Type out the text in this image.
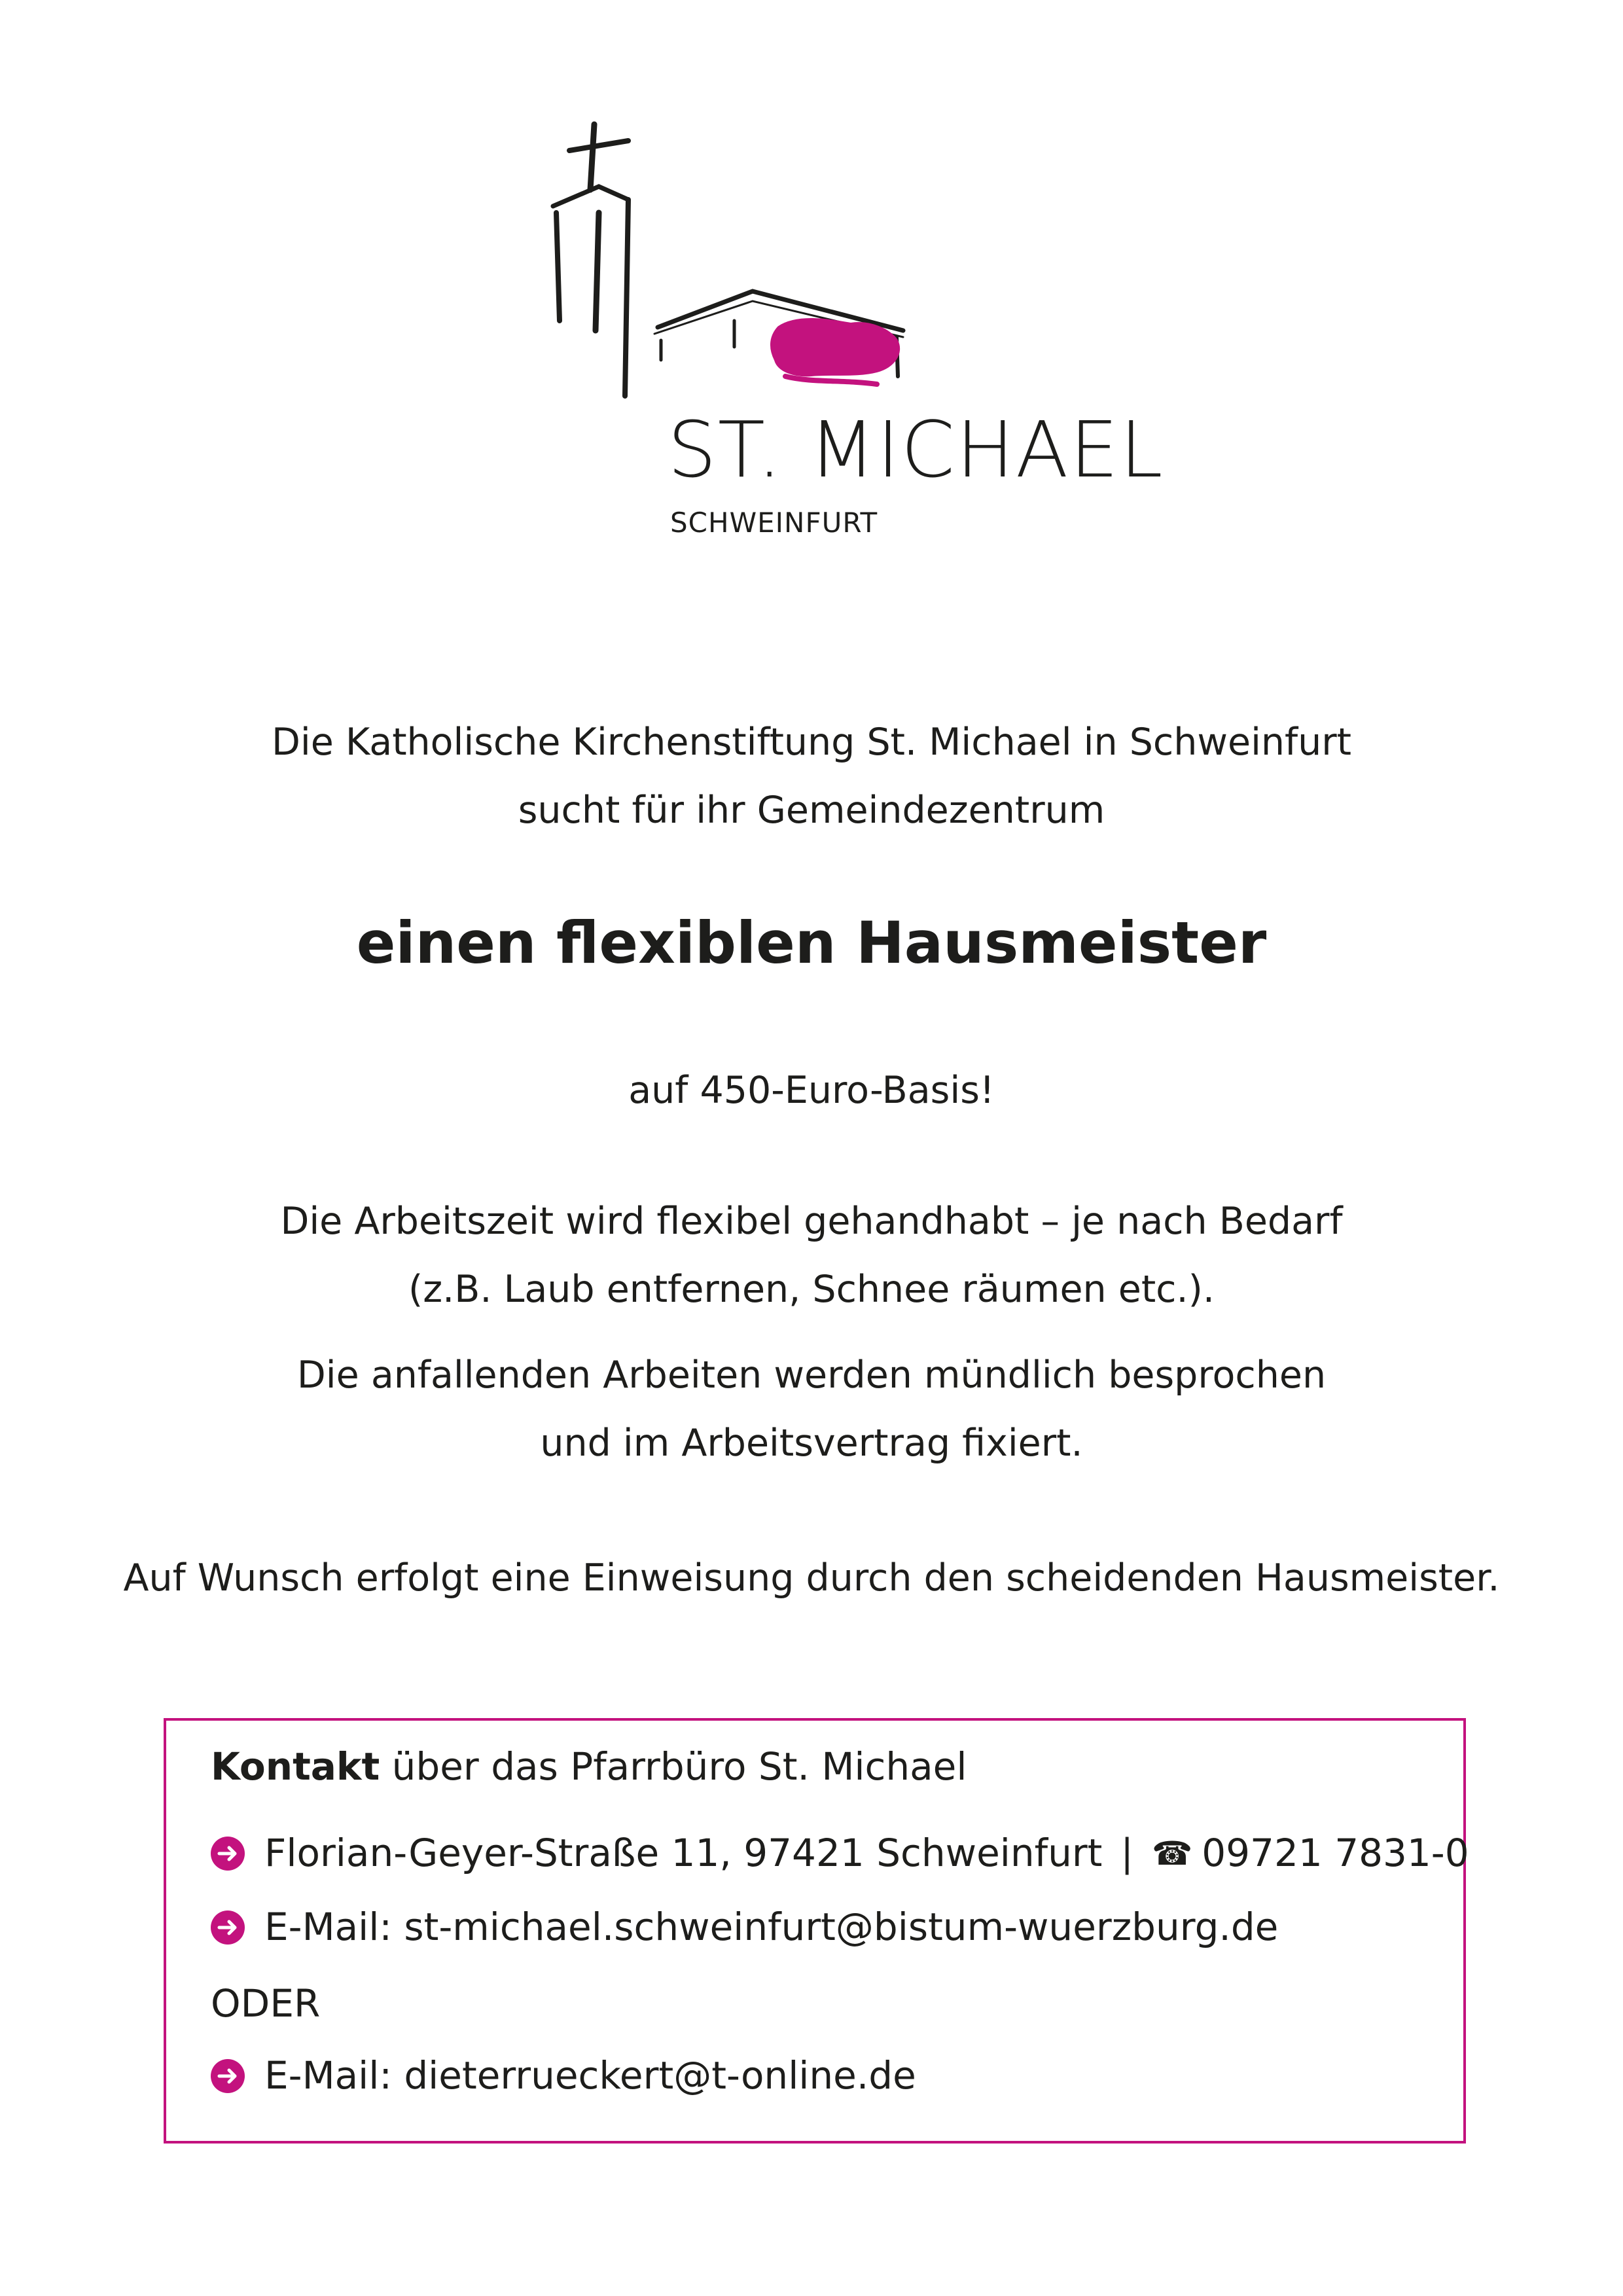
ST. MICHAEL
SCHWEINFURT
Die Katholische Kirchenstiftung St. Michael in Schweinfurt
sucht für ihr Gemeindezentrum
einen flexiblen Hausmeister
auf 450-Euro-Basis!
Die Arbeitszeit wird flexibel gehandhabt – je nach Bedarf
(z.B. Laub entfernen, Schnee räumen etc.).
Die anfallenden Arbeiten werden mündlich besprochen
und im Arbeitsvertrag fixiert.
Auf Wunsch erfolgt eine Einweisung durch den scheidenden Hausmeister.
Kontakt
über das Pfarrbüro St. Michael
Florian-Geyer-Straße 11, 97421 Schweinfurt | ☎ 09721 7831-0
E-Mail: st-michael.schweinfurt@bistum-wuerzburg.de
ODER
E-Mail: dieterrueckert@t-online.de
